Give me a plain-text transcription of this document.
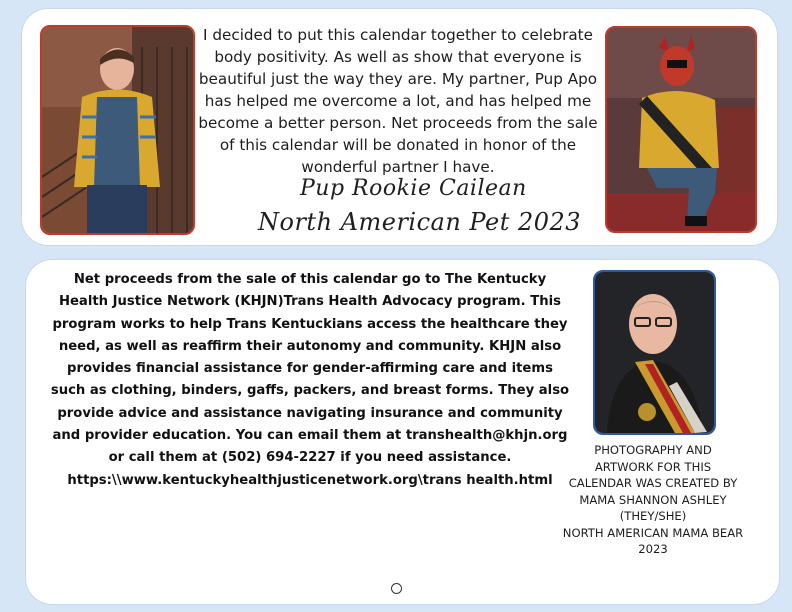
I decided to put this calendar together to celebrate body positivity. As well as show that everyone is beautiful just the way they are. My partner, Pup Apo has helped me overcome a lot, and has helped me become a better person. Net proceeds from the sale of this calendar will be donated in honor of the wonderful partner I have.

Pup Rookie Cailean
North American Pet 2023

Net proceeds from the sale of this calendar go to The Kentucky Health Justice Network (KHJN)Trans Health Advocacy program. This program works to help Trans Kentuckians access the healthcare they need, as well as reaffirm their autonomy and community. KHJN also provides financial assistance for gender-affirming care and items such as clothing, binders, gaffs, packers, and breast forms. They also provide advice and assistance navigating insurance and community and provider education. You can email them at transhealth@khjn.org or call them at (502) 694-2227 if you need assistance. https:\\www.kentuckyhealthjusticenetwork.org\trans health.html

PHOTOGRAPHY AND
ARTWORK FOR THIS
CALENDAR WAS CREATED BY
MAMA SHANNON ASHLEY
(THEY/SHE)
NORTH AMERICAN MAMA BEAR 2023
